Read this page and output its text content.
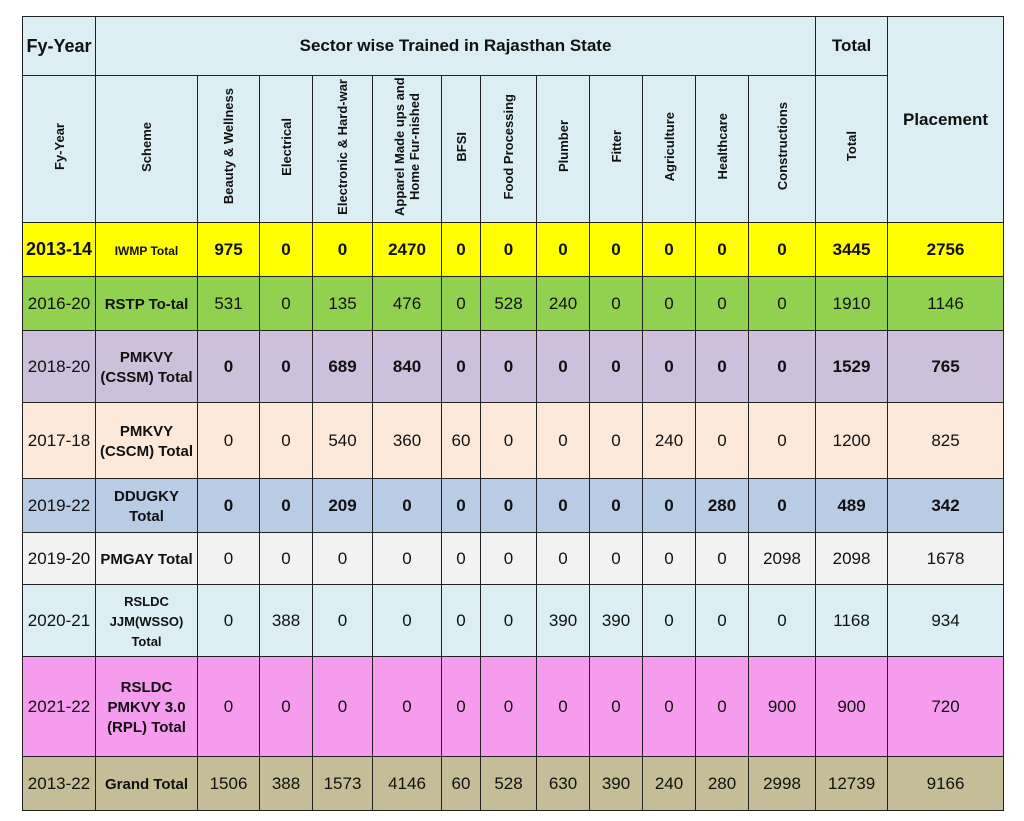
Fy-Year	Sector wise Trained in Rajasthan State												Total	Placement
Fy-Year	Scheme	Beauty & Wellness	Electrical	Electronic & Hard-war	Apparel Made ups and Home Fur-nished	BFSI	Food Processing	Plumber	Fitter	Agriculture	Healthcare	Constructions	Total	
2013-14	IWMP Total	975	0	0	2470	0	0	0	0	0	0	0	3445	2756
2016-20	RSTP To-tal	531	0	135	476	0	528	240	0	0	0	0	1910	1146
2018-20	PMKVY (CSSM) Total	0	0	689	840	0	0	0	0	0	0	0	1529	765
2017-18	PMKVY (CSCM) Total	0	0	540	360	60	0	0	0	240	0	0	1200	825
2019-22	DDUGKY Total	0	0	209	0	0	0	0	0	0	280	0	489	342
2019-20	PMGAY Total	0	0	0	0	0	0	0	0	0	0	2098	2098	1678
2020-21	RSLDC JJM(WSSO) Total	0	388	0	0	0	0	390	390	0	0	0	1168	934
2021-22	RSLDC PMKVY 3.0 (RPL) Total	0	0	0	0	0	0	0	0	0	0	900	900	720
2013-22	Grand Total	1506	388	1573	4146	60	528	630	390	240	280	2998	12739	9166
